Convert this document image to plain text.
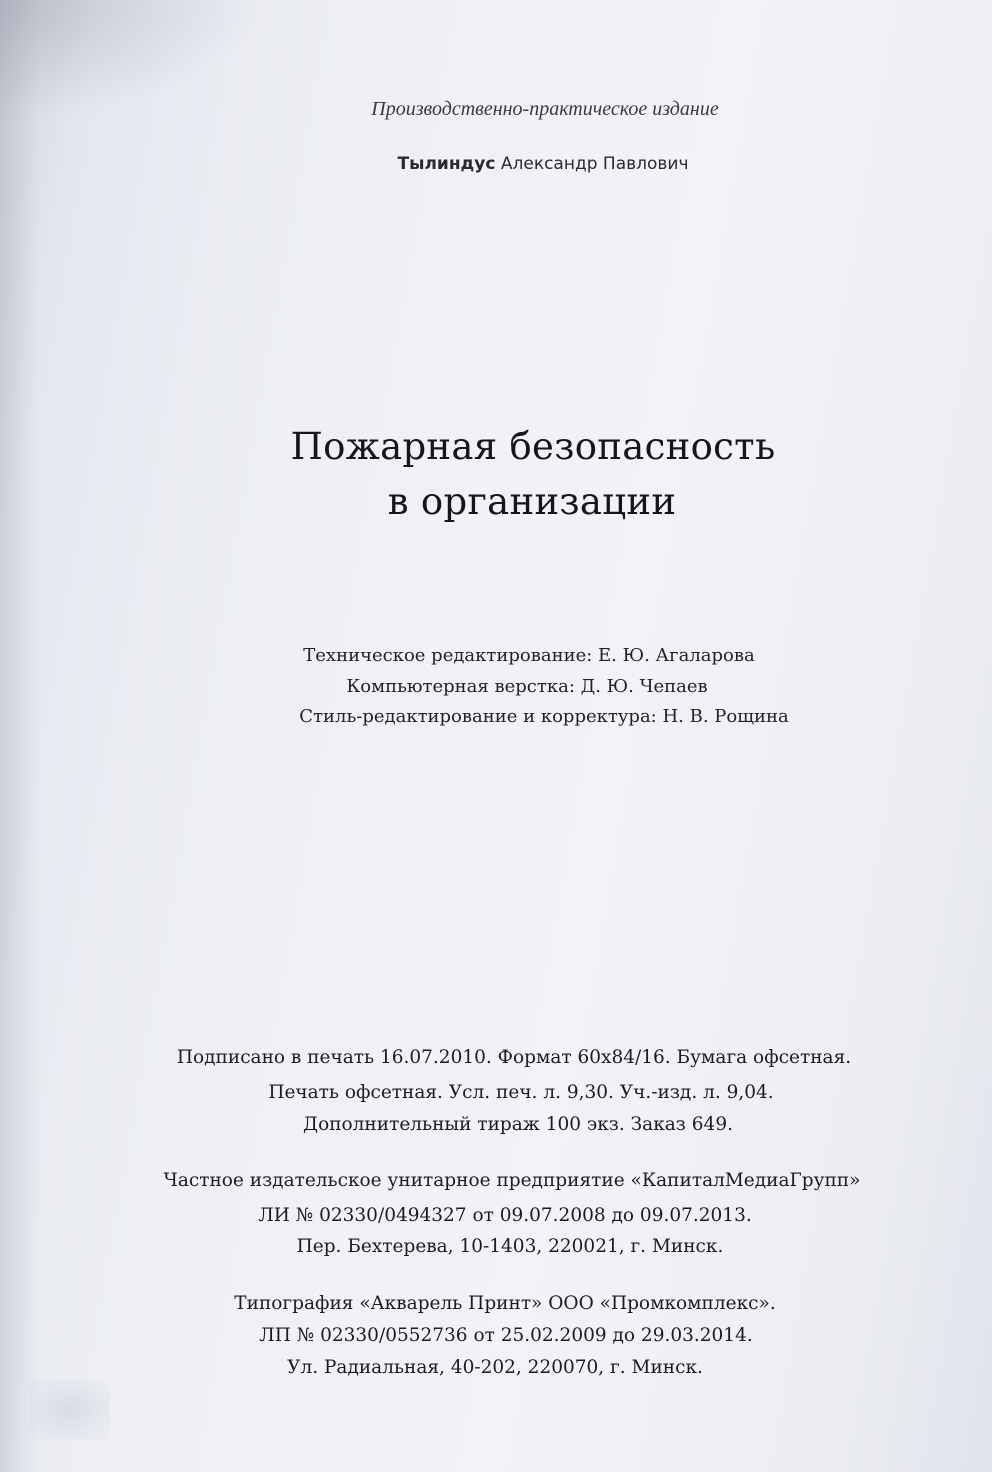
Производственно-практическое издание
Тылиндус Александр Павлович
Пожарная безопасность
в организации
Техническое редактирование: Е. Ю. Агаларова
Компьютерная верстка: Д. Ю. Чепаев
Стиль-редактирование и корректура: Н. В. Рощина
Подписано в печать 16.07.2010. Формат 60x84/16. Бумага офсетная.
Печать офсетная. Усл. печ. л. 9,30. Уч.-изд. л. 9,04.
Дополнительный тираж 100 экз. Заказ 649.
Частное издательское унитарное предприятие «КапиталМедиаГрупп»
ЛИ № 02330/0494327 от 09.07.2008 до 09.07.2013.
Пер. Бехтерева, 10-1403, 220021, г. Минск.
Типография «Акварель Принт» ООО «Промкомплекс».
ЛП № 02330/0552736 от 25.02.2009 до 29.03.2014.
Ул. Радиальная, 40-202, 220070, г. Минск.
